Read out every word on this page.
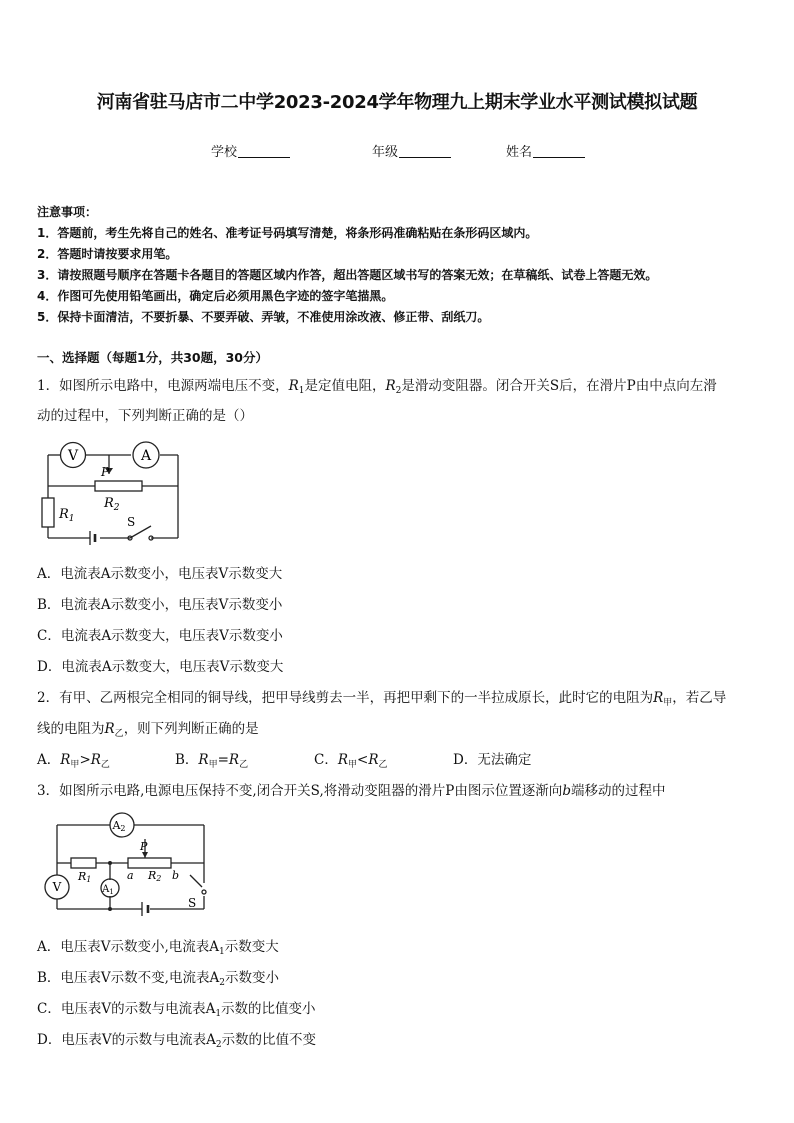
河南省驻马店市二中学2023-2024学年物理九上期末学业水平测试模拟试题
学校	年级	姓名
注意事项：
1．答题前，考生先将自己的姓名、准考证号码填写清楚，将条形码准确粘贴在条形码区域内。
2．答题时请按要求用笔。
3．请按照题号顺序在答题卡各题目的答题区域内作答，超出答题区域书写的答案无效；在草稿纸、试卷上答题无效。
4．作图可先使用铅笔画出，确定后必须用黑色字迹的签字笔描黑。
5．保持卡面清洁，不要折暴、不要弄破、弄皱，不准使用涂改液、修正带、刮纸刀。
一、选择题（每题1分，共30题，30分）
1．如图所示电路中，电源两端电压不变，$R_1$是定值电阻，$R_2$是滑动变阻器。闭合开关S后，在滑片P由中点向左滑
动的过程中，下列判断正确的是（）
V	A
P
$R_2$
$R_1$	S
A．电流表A示数变小，电压表V示数变大
B．电流表A示数变小，电压表V示数变小
C．电流表A示数变大，电压表V示数变小
D．电流表A示数变大，电压表V示数变大
2．有甲、乙两根完全相同的铜导线，把甲导线剪去一半，再把甲剩下的一半拉成原长，此时它的电阻为$R_甲$，若乙导
线的电阻为$R_乙$，则下列判断正确的是
A．$R_甲>R_乙$	B．$R_甲=R_乙$	C．$R_甲<R_乙$	D．无法确定
3．如图所示电路,电源电压保持不变,闭合开关S,将滑动变阻器的滑片P由图示位置逐渐向b端移动的过程中
A2
P
R1	a R2 b
V	$A_1$
S
A．电压表V示数变小,电流表$A_1$示数变大
B．电压表V示数不变,电流表$A_2$示数变小
C．电压表V的示数与电流表$A_1$示数的比值变小
D．电压表V的示数与电流表$A_2$示数的比值不变
